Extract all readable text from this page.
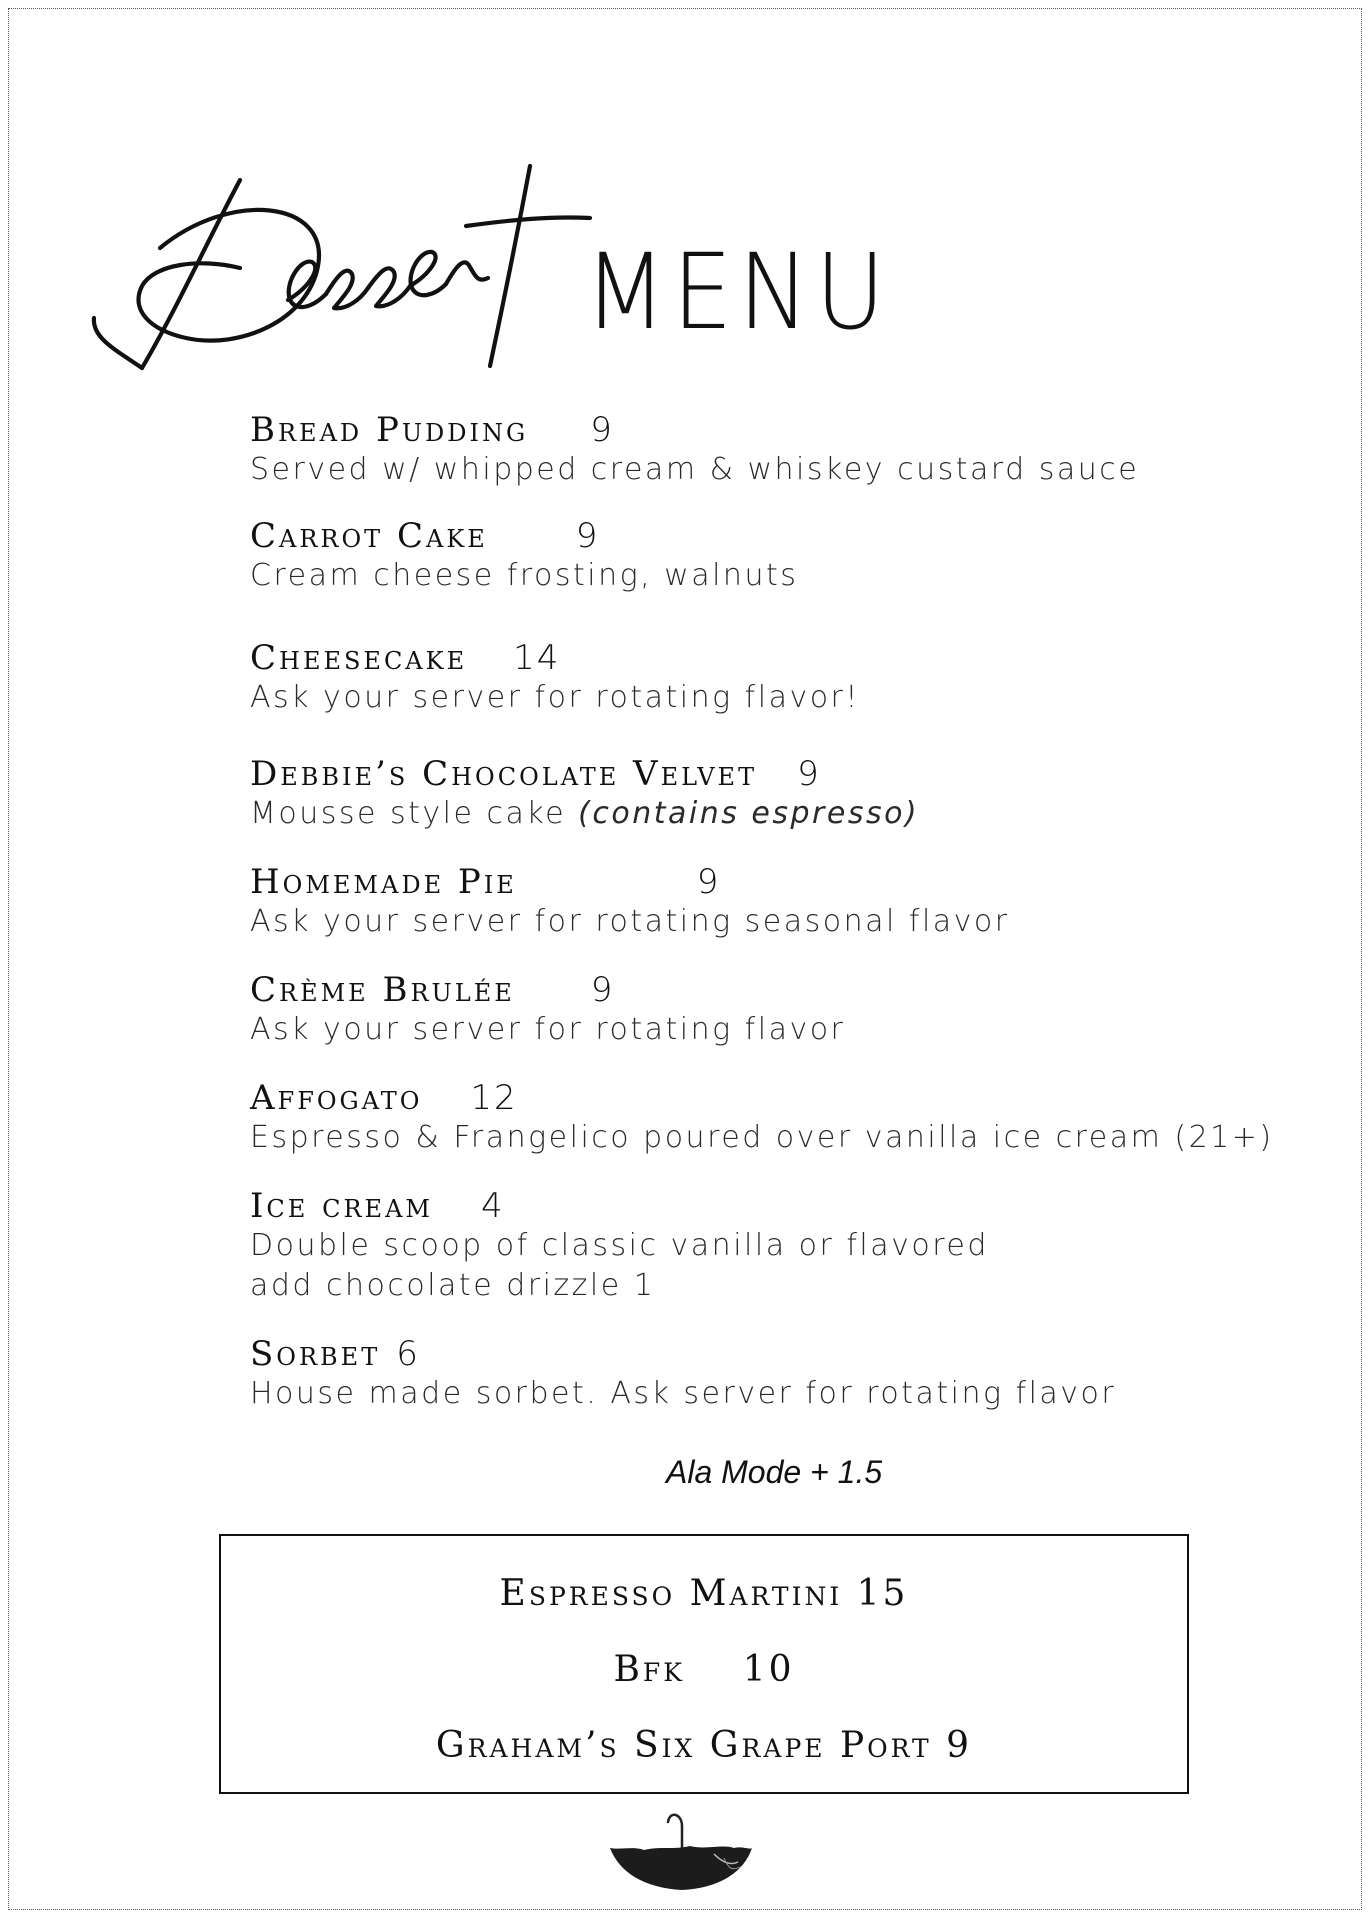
MENU
Bread Pudding 9
Served w/ whipped cream & whiskey custard sauce
Carrot Cake	9
Cream cheese frosting, walnuts
Cheesecake 14
Ask your server for rotating flavor!
Debbie’s Chocolate Velvet 9
Mousse style cake (contains espresso)
Homemade Pie	9
Ask your server for rotating seasonal flavor
Crème Brulée 9
Ask your server for rotating flavor
Affogato 12
Espresso & Frangelico poured over vanilla ice cream (21+)
Ice cream 4
Double scoop of classic vanilla or flavored
add chocolate drizzle 1
Sorbet 6
House made sorbet. Ask server for rotating flavor
Ala Mode + 1.5
Espresso Martini 15
Bfk    10
Graham’s Six Grape Port 9
